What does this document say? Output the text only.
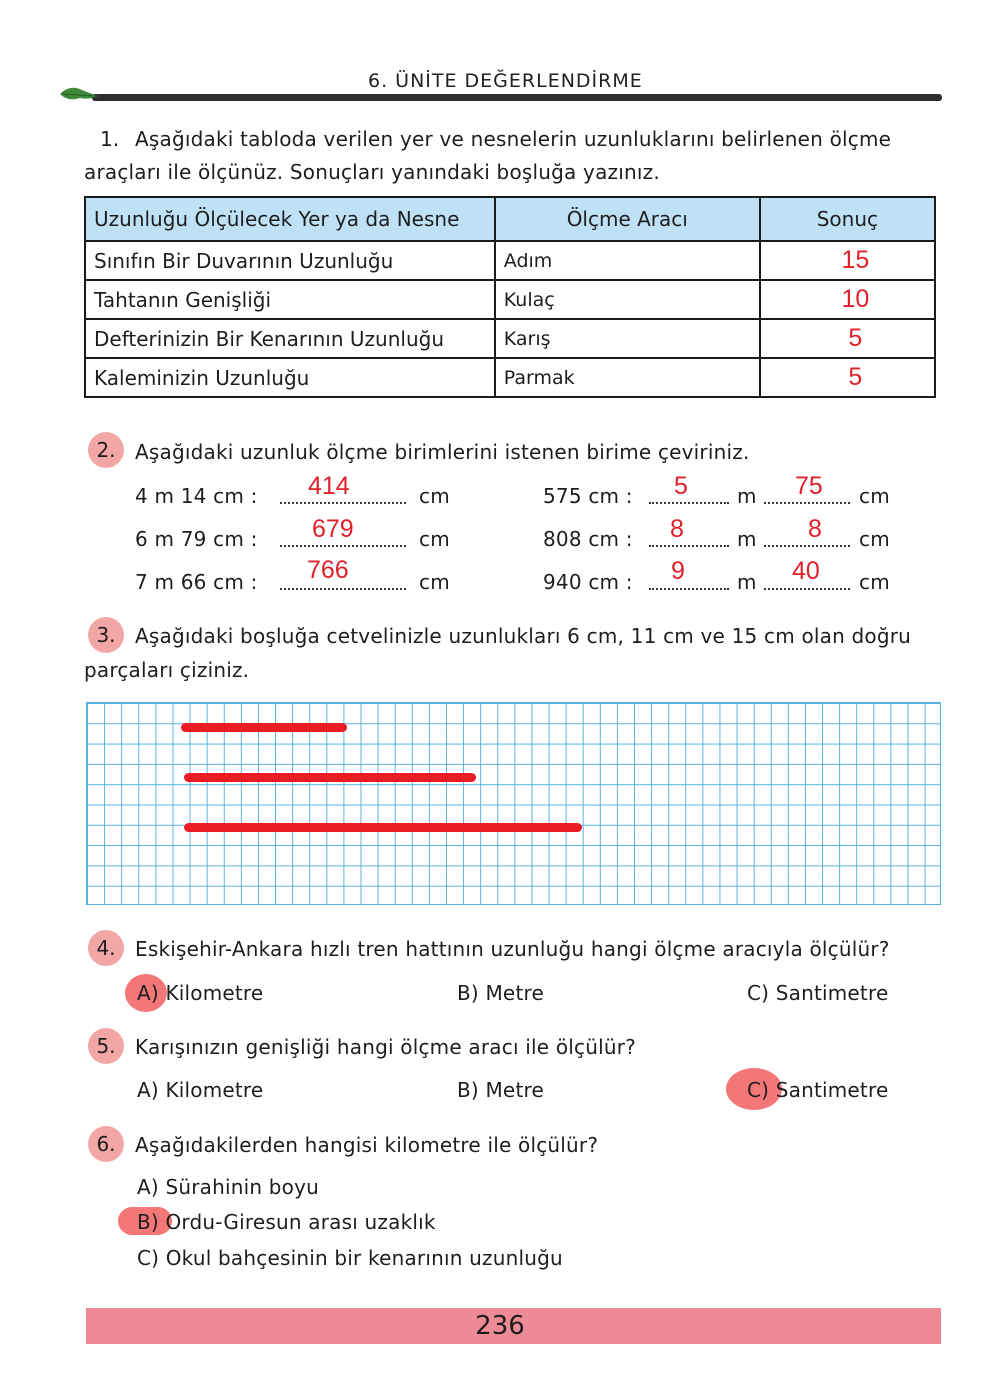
6. ÜNİTE DEĞERLENDİRME
1. Aşağıdaki tabloda verilen yer ve nesnelerin uzunluklarını belirlenen ölçme
araçları ile ölçünüz. Sonuçları yanındaki boşluğa yazınız.
Uzunluğu Ölçülecek Yer ya da Nesne	Ölçme Aracı	Sonuç
Sınıfın Bir Duvarının Uzunluğu	Adım	15
Tahtanın Genişliği	Kulaç	10
Defterinizin Bir Kenarının Uzunluğu	Karış	5
Kaleminizin Uzunluğu	Parmak	5
2. Aşağıdaki uzunluk ölçme birimlerini istenen birime çeviriniz.
4 m 14 cm : 414	cm
6 m 79 cm : 679	cm
7 m 66 cm : 766	cm
575 cm : 5 m 75 cm
808 cm : 8	m 8 cm
940 cm : 9	m 40 cm
3. Aşağıdaki boşluğa cetvelinizle uzunlukları 6 cm, 11 cm ve 15 cm olan doğru
parçaları çiziniz.
4. Eskişehir-Ankara hızlı tren hattının uzunluğu hangi ölçme aracıyla ölçülür?
A) Kilometre	B) Metre	C) Santimetre
5. Karışınızın genişliği hangi ölçme aracı ile ölçülür?
A) Kilometre	B) Metre	C) Santimetre
6. Aşağıdakilerden hangisi kilometre ile ölçülür?
A) Sürahinin boyu
B) Ordu-Giresun arası uzaklık
C) Okul bahçesinin bir kenarının uzunluğu
236
